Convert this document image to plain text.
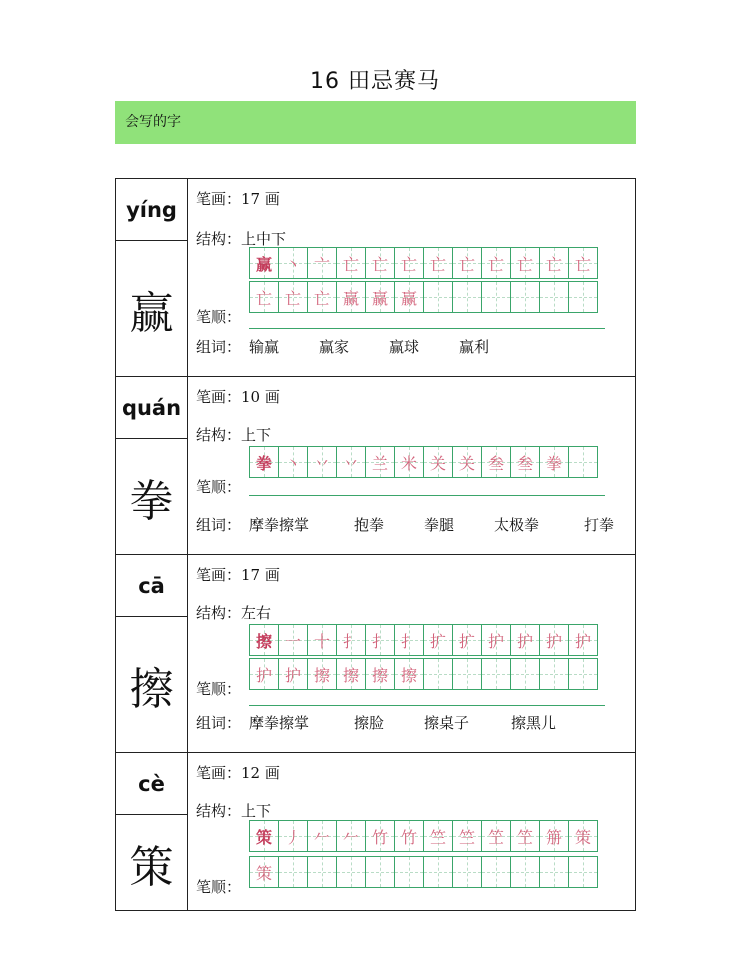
16 田忌赛马
会写的字
yíng
赢
笔画：17 画
结构：上中下
笔顺：
赢 丶 亠 亡 亡 亡 亡 亡 亡 亡 亡 亡
亡 亡 亡 赢 赢 赢
组词： 输赢	赢家	赢球	赢利
quán
拳
笔画：10 画
结构：上下
笔顺：
拳 丶 丷 丷 兰 米 关 关 叁 叁 拳
组词： 摩拳擦掌	抱拳	拳腿	太极拳	打拳
cā
擦
笔画：17 画
结构：左右
笔顺：
擦 一 十 扌 扌 扌 扩 扩 护 护 护 护
护 护 擦 擦 擦 擦
组词： 摩拳擦掌	擦脸	擦桌子	擦黑儿
cè
策
笔画：12 画
结构：上下
笔顺：
策 丿 𠂉 𠂉 竹 竹 竺 竺 笁 笁 笧 策
策
